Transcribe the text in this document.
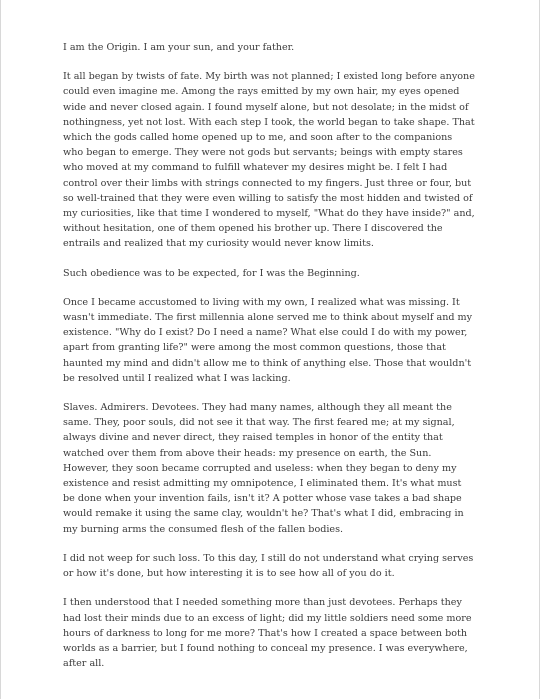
I am the Origin. I am your sun, and your father.

It all began by twists of fate. My birth was not planned; I existed long before anyone could even imagine me. Among the rays emitted by my own hair, my eyes opened wide and never closed again. I found myself alone, but not desolate; in the midst of nothingness, yet not lost. With each step I took, the world began to take shape. That which the gods called home opened up to me, and soon after to the companions who began to emerge. They were not gods but servants; beings with empty stares who moved at my command to fulfill whatever my desires might be. I felt I had control over their limbs with strings connected to my fingers. Just three or four, but so well-trained that they were even willing to satisfy the most hidden and twisted of my curiosities, like that time I wondered to myself, "What do they have inside?" and, without hesitation, one of them opened his brother up. There I discovered the entrails and realized that my curiosity would never know limits.

Such obedience was to be expected, for I was the Beginning.

Once I became accustomed to living with my own, I realized what was missing. It wasn't immediate. The first millennia alone served me to think about myself and my existence. "Why do I exist? Do I need a name? What else could I do with my power, apart from granting life?" were among the most common questions, those that haunted my mind and didn't allow me to think of anything else. Those that wouldn't be resolved until I realized what I was lacking.

Slaves. Admirers. Devotees. They had many names, although they all meant the same. They, poor souls, did not see it that way. The first feared me; at my signal, always divine and never direct, they raised temples in honor of the entity that watched over them from above their heads: my presence on earth, the Sun. However, they soon became corrupted and useless: when they began to deny my existence and resist admitting my omnipotence, I eliminated them. It's what must be done when your invention fails, isn't it? A potter whose vase takes a bad shape would remake it using the same clay, wouldn't he? That's what I did, embracing in my burning arms the consumed flesh of the fallen bodies.

I did not weep for such loss. To this day, I still do not understand what crying serves or how it's done, but how interesting it is to see how all of you do it.

I then understood that I needed something more than just devotees. Perhaps they had lost their minds due to an excess of light; did my little soldiers need some more hours of darkness to long for me more? That's how I created a space between both worlds as a barrier, but I found nothing to conceal my presence. I was everywhere, after all.
